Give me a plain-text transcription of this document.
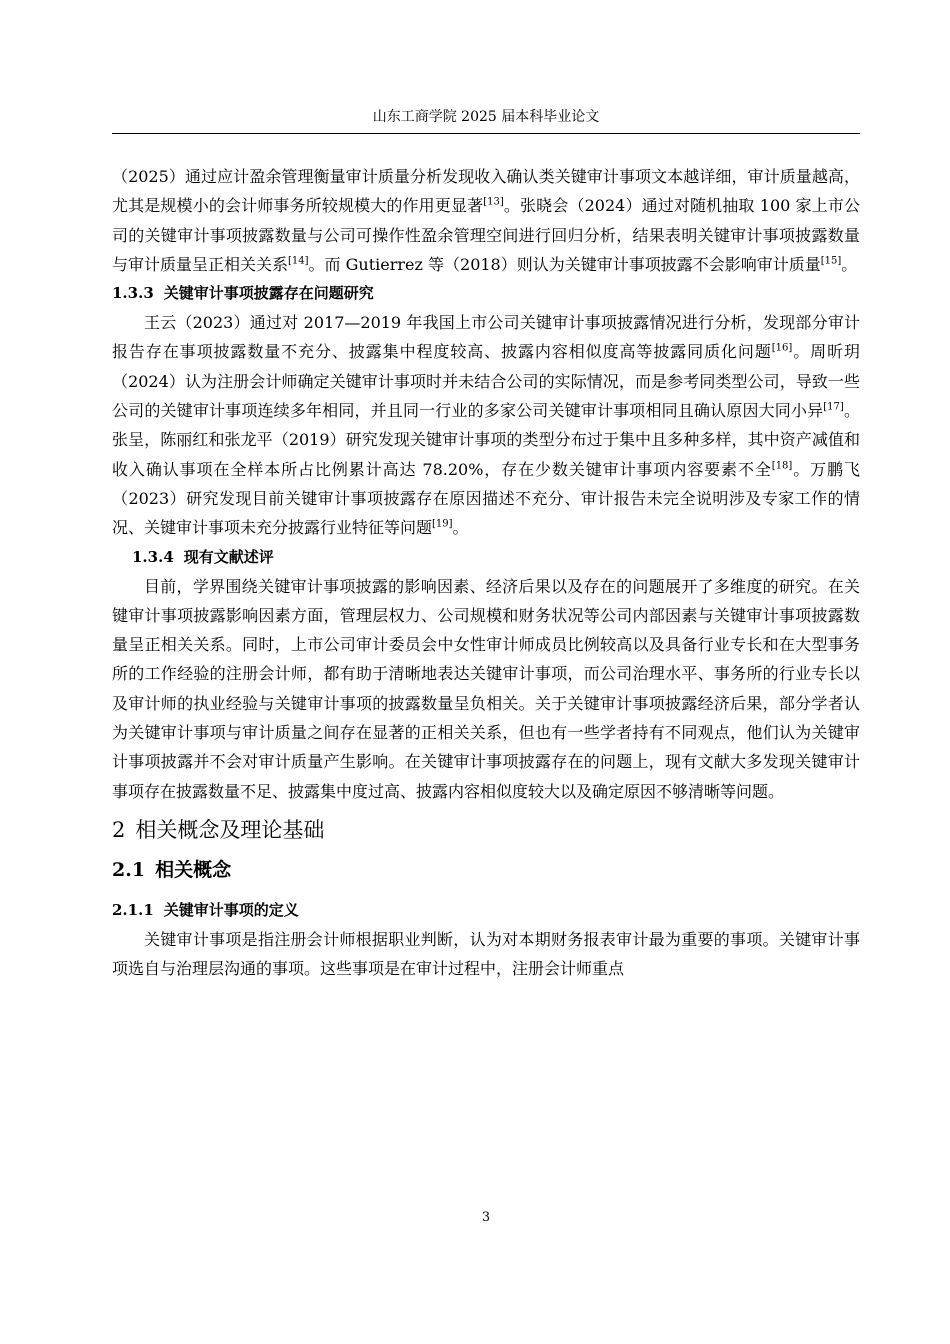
山东工商学院 2025 届本科毕业论文

（2025）通过应计盈余管理衡量审计质量分析发现收入确认类关键审计事项文本越详细，审计质量越高，尤其是规模小的会计师事务所较规模大的作用更显著[13]。张晓会（2024）通过对随机抽取 100 家上市公司的关键审计事项披露数量与公司可操作性盈余管理空间进行回归分析，结果表明关键审计事项披露数量与审计质量呈正相关关系[14]。而 Gutierrez 等（2018）则认为关键审计事项披露不会影响审计质量[15]。

1.3.3 关键审计事项披露存在问题研究

王云（2023）通过对 2017—2019 年我国上市公司关键审计事项披露情况进行分析，发现部分审计报告存在事项披露数量不充分、披露集中程度较高、披露内容相似度高等披露同质化问题[16]。周昕玥（2024）认为注册会计师确定关键审计事项时并未结合公司的实际情况，而是参考同类型公司，导致一些公司的关键审计事项连续多年相同，并且同一行业的多家公司关键审计事项相同且确认原因大同小异[17]。张呈，陈丽红和张龙平（2019）研究发现关键审计事项的类型分布过于集中且多种多样，其中资产减值和收入确认事项在全样本所占比例累计高达 78.20%，存在少数关键审计事项内容要素不全[18]。万鹏飞（2023）研究发现目前关键审计事项披露存在原因描述不充分、审计报告未完全说明涉及专家工作的情况、关键审计事项未充分披露行业特征等问题[19]。

1.3.4 现有文献述评

目前，学界围绕关键审计事项披露的影响因素、经济后果以及存在的问题展开了多维度的研究。在关键审计事项披露影响因素方面，管理层权力、公司规模和财务状况等公司内部因素与关键审计事项披露数量呈正相关关系。同时，上市公司审计委员会中女性审计师成员比例较高以及具备行业专长和在大型事务所的工作经验的注册会计师，都有助于清晰地表达关键审计事项，而公司治理水平、事务所的行业专长以及审计师的执业经验与关键审计事项的披露数量呈负相关。关于关键审计事项披露经济后果，部分学者认为关键审计事项与审计质量之间存在显著的正相关关系，但也有一些学者持有不同观点，他们认为关键审计事项披露并不会对审计质量产生影响。在关键审计事项披露存在的问题上，现有文献大多发现关键审计事项存在披露数量不足、披露集中度过高、披露内容相似度较大以及确定原因不够清晰等问题。

2 相关概念及理论基础
2.1 相关概念
2.1.1 关键审计事项的定义

关键审计事项是指注册会计师根据职业判断，认为对本期财务报表审计最为重要的事项。关键审计事项选自与治理层沟通的事项。这些事项是在审计过程中，注册会计师重点

3
